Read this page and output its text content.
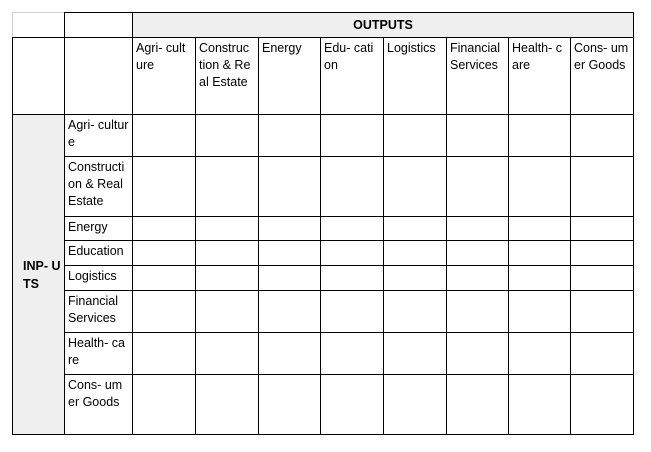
		OUTPUTS							
		Agri- culture	Construc tion & Real Estate	Energy	Edu- cation	Logistics	Financial Services	Health- care	Cons- umer Goods
INP- UTS	Agri- culture								
	Constructi on & Real Estate								
	Energy								
	Education								
	Logistics								
	Financial Services								
	Health- care								
	Cons- umer Goods								
